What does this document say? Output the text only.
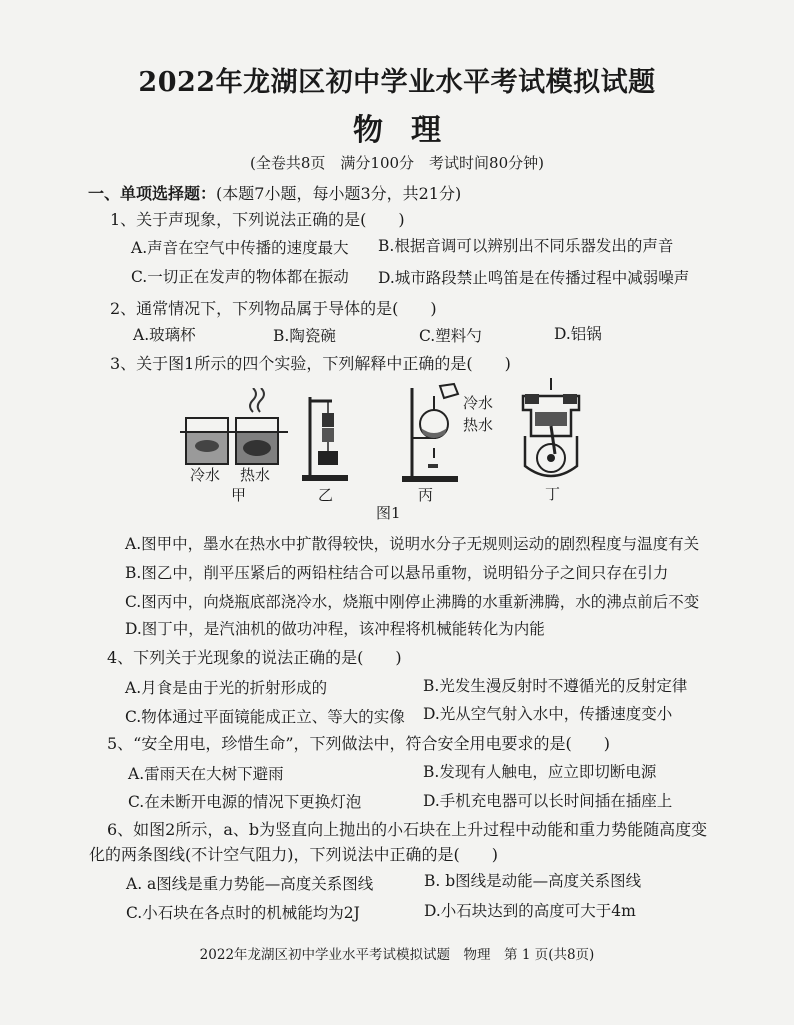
2022年龙湖区初中学业水平考试模拟试题
物理
(全卷共8页　满分100分　考试时间80分钟)
一、单项选择题：(本题7小题，每小题3分，共21分)
1、关于声现象，下列说法正确的是(　　)
A.声音在空气中传播的速度最大 B.根据音调可以辨别出不同乐器发出的声音
C.一切正在发声的物体都在振动 D.城市路段禁止鸣笛是在传播过程中减弱噪声
2、通常情况下，下列物品属于导体的是(　　)
A.玻璃杯	B.陶瓷碗	C.塑料勺	D.铝锅
3、关于图1所示的四个实验，下列解释中正确的是(　　)
冷水 热水
甲	乙
冷水
热水
丙	丁
图1
A.图甲中，墨水在热水中扩散得较快，说明水分子无规则运动的剧烈程度与温度有关
B.图乙中，削平压紧后的两铅柱结合可以悬吊重物，说明铅分子之间只存在引力
C.图丙中，向烧瓶底部浇冷水，烧瓶中刚停止沸腾的水重新沸腾，水的沸点前后不变
D.图丁中，是汽油机的做功冲程，该冲程将机械能转化为内能
4、下列关于光现象的说法正确的是(　　)
A.月食是由于光的折射形成的	B.光发生漫反射时不遵循光的反射定律
C.物体通过平面镜能成正立、等大的实像 D.光从空气射入水中，传播速度变小
5、“安全用电，珍惜生命”，下列做法中，符合安全用电要求的是(　　)
A.雷雨天在大树下避雨	B.发现有人触电，应立即切断电源
C.在未断开电源的情况下更换灯泡	D.手机充电器可以长时间插在插座上
6、如图2所示，a、b为竖直向上抛出的小石块在上升过程中动能和重力势能随高度变
化的两条图线(不计空气阻力)，下列说法中正确的是(　　)
A. a图线是重力势能—高度关系图线	B. b图线是动能—高度关系图线
C.小石块在各点时的机械能均为2J	D.小石块达到的高度可大于4m
2022年龙湖区初中学业水平考试模拟试题　物理　第 1 页(共8页)
